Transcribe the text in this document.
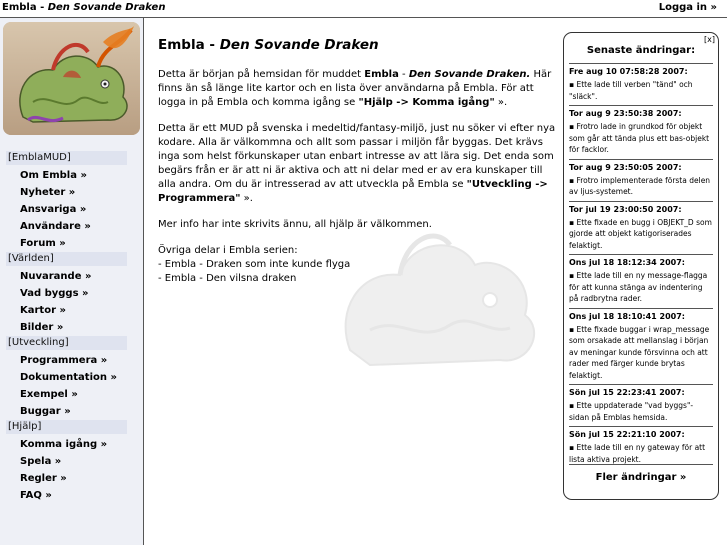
Embla - Den Sovande Draken	Logga in »
[EmblaMUD]
Om Embla »
Nyheter »
Ansvariga »
Användare »
Forum »
[Världen]
Nuvarande »
Vad byggs »
Kartor »
Bilder »
[Utveckling]
Programmera »
Dokumentation »
Exempel »
Buggar »
[Hjälp]
Komma igång »
Spela »
Regler »
FAQ »
Embla - Den Sovande Draken

Detta är början på hemsidan för muddet Embla - Den Sovande Draken. Här finns än så länge lite kartor och en lista över användarna på Embla. För att logga in på Embla och komma igång se "Hjälp -> Komma igång" ».

Detta är ett MUD på svenska i medeltid/fantasy-miljö, just nu söker vi efter nya kodare. Alla är välkommna och allt som passar i miljön får byggas. Det krävs inga som helst förkunskaper utan enbart intresse av att lära sig. Det enda som begärs från er är att ni är aktiva och att ni delar med er av era kunskaper till alla andra. Om du är intresserad av att utveckla på Embla se "Utveckling -> Programmera" ».

Mer info har inte skrivits ännu, all hjälp är välkommen.

Övriga delar i Embla serien:
- Embla - Draken som inte kunde flyga
- Embla - Den vilsna draken

[x]
Senaste ändringar:
Fre aug 10 07:58:28 2007:
▪ Ette lade till verben "tänd" och "släck".
Tor aug 9 23:50:38 2007:
▪ Frotro lade in grundkod för objekt som går att tända plus ett bas-objekt för facklor.
Tor aug 9 23:50:05 2007:
▪ Frotro implementerade första delen av ljus-systemet.
Tor jul 19 23:00:50 2007:
▪ Ette fixade en bugg i OBJEKT_D som gjorde att objekt katigoriserades felaktigt.
Ons jul 18 18:12:34 2007:
▪ Ette lade till en ny message-flagga för att kunna stänga av indentering på radbrytna rader.
Ons jul 18 18:10:41 2007:
▪ Ette fixade buggar i wrap_message som orsakade att mellanslag i början av meningar kunde försvinna och att rader med färger kunde brytas felaktigt.
Sön jul 15 22:23:41 2007:
▪ Ette uppdaterade "vad byggs"-sidan på Emblas hemsida.
Sön jul 15 22:21:10 2007:
▪ Ette lade till en ny gateway för att lista aktiva projekt.
Fler ändringar »
